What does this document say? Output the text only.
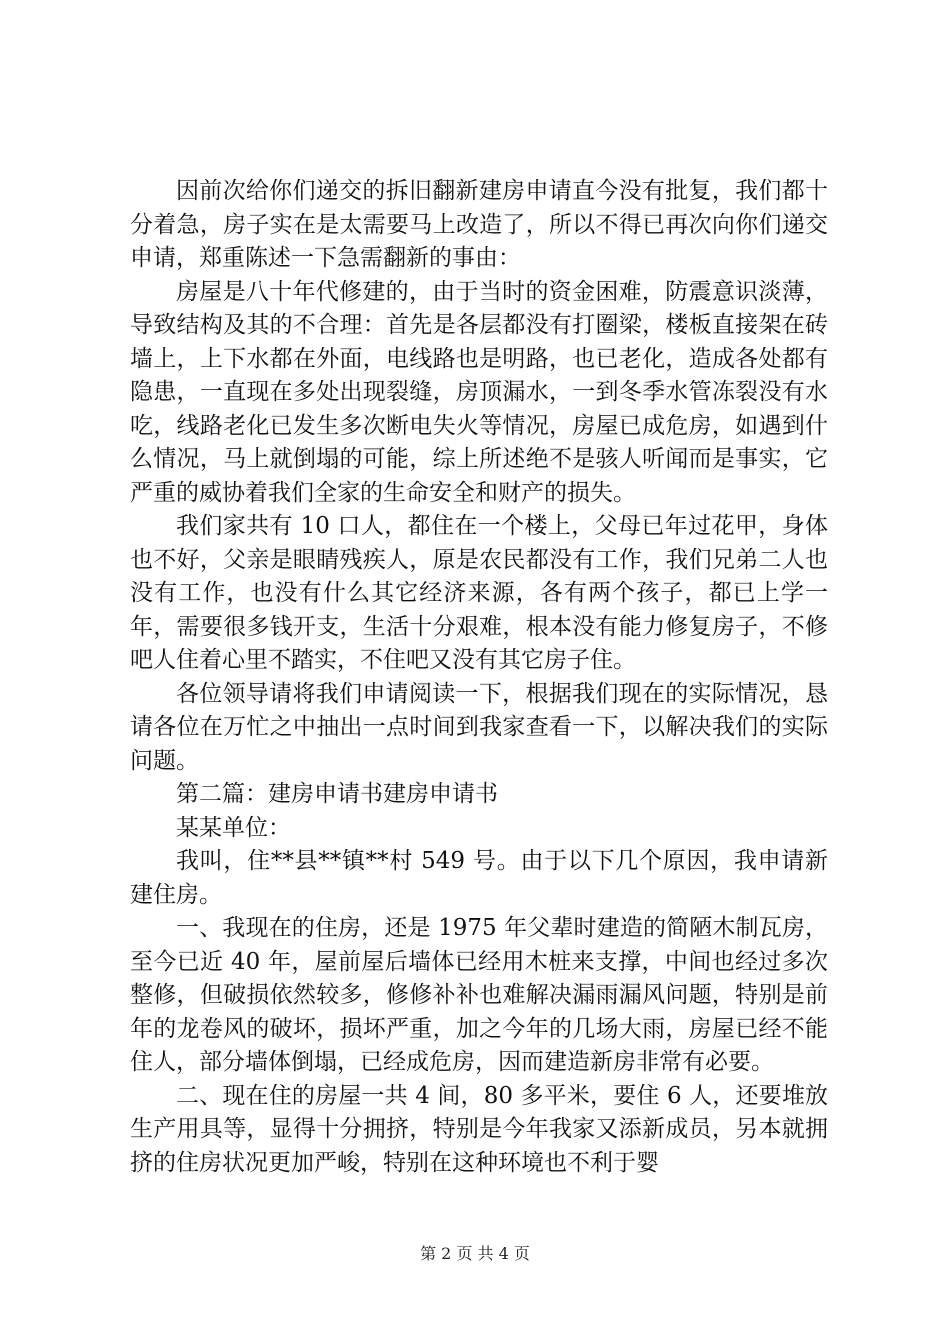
因前次给你们递交的拆旧翻新建房申请直今没有批复，我们都十分着急，房子实在是太需要马上改造了，所以不得已再次向你们递交申请，郑重陈述一下急需翻新的事由：

房屋是八十年代修建的，由于当时的资金困难，防震意识淡薄，导致结构及其的不合理：首先是各层都没有打圈梁，楼板直接架在砖墙上，上下水都在外面，电线路也是明路，也已老化，造成各处都有隐患，一直现在多处出现裂缝，房顶漏水，一到冬季水管冻裂没有水吃，线路老化已发生多次断电失火等情况，房屋已成危房，如遇到什么情况，马上就倒塌的可能，综上所述绝不是骇人听闻而是事实，它严重的威协着我们全家的生命安全和财产的损失。

我们家共有 10 口人，都住在一个楼上，父母已年过花甲，身体也不好，父亲是眼睛残疾人，原是农民都没有工作，我们兄弟二人也没有工作，也没有什么其它经济来源，各有两个孩子，都已上学一年，需要很多钱开支，生活十分艰难，根本没有能力修复房子，不修吧人住着心里不踏实，不住吧又没有其它房子住。

各位领导请将我们申请阅读一下，根据我们现在的实际情况，恳请各位在万忙之中抽出一点时间到我家查看一下，以解决我们的实际问题。

第二篇：建房申请书建房申请书

某某单位：

我叫，住**县**镇**村 549 号。由于以下几个原因，我申请新建住房。

一、我现在的住房，还是 1975 年父辈时建造的简陋木制瓦房，至今已近 40 年，屋前屋后墙体已经用木桩来支撑，中间也经过多次整修，但破损依然较多，修修补补也难解决漏雨漏风问题，特别是前年的龙卷风的破坏，损坏严重，加之今年的几场大雨，房屋已经不能住人，部分墙体倒塌，已经成危房，因而建造新房非常有必要。

二、现在住的房屋一共 4 间，80 多平米，要住 6 人，还要堆放生产用具等，显得十分拥挤，特别是今年我家又添新成员，另本就拥挤的住房状况更加严峻，特别在这种环境也不利于婴

第 2 页 共 4 页
